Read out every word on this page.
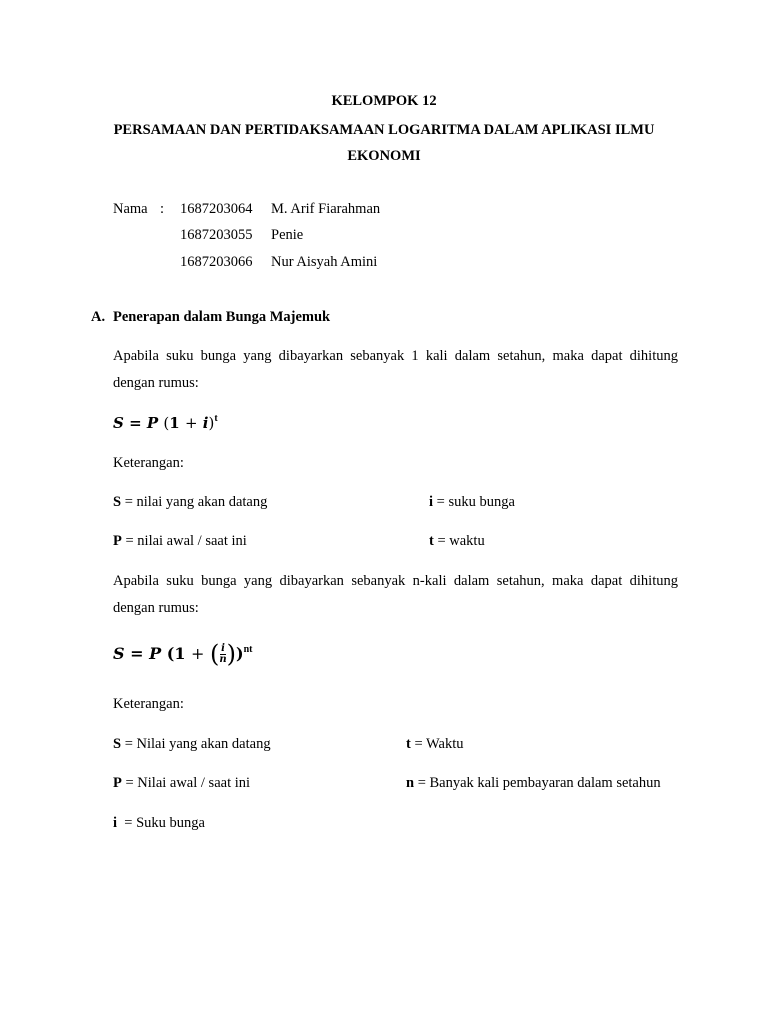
KELOMPOK 12
PERSAMAAN DAN PERTIDAKSAMAAN LOGARITMA DALAM APLIKASI ILMU
EKONOMI
Nama : 1687203064 M. Arif Fiarahman
1687203055 Penie
1687203066 Nur Aisyah Amini
A. Penerapan dalam Bunga Majemuk
Apabila suku bunga yang dibayarkan sebanyak 1 kali dalam setahun, maka dapat dihitung
dengan rumus:
S = P $(1 + i)^t$
Keterangan:
S = nilai yang akan datang	i = suku bunga
P = nilai awal / saat ini	t = waktu
Apabila suku bunga yang dibayarkan sebanyak n-kali dalam setahun, maka dapat dihitung
dengan rumus:
S = P (1 + ( $\frac{i}{n} ))^{nt}$
Keterangan:
S = Nilai yang akan datang	t = Waktu
P = Nilai awal / saat ini	n = Banyak kali pembayaran dalam setahun
i  = Suku bunga
